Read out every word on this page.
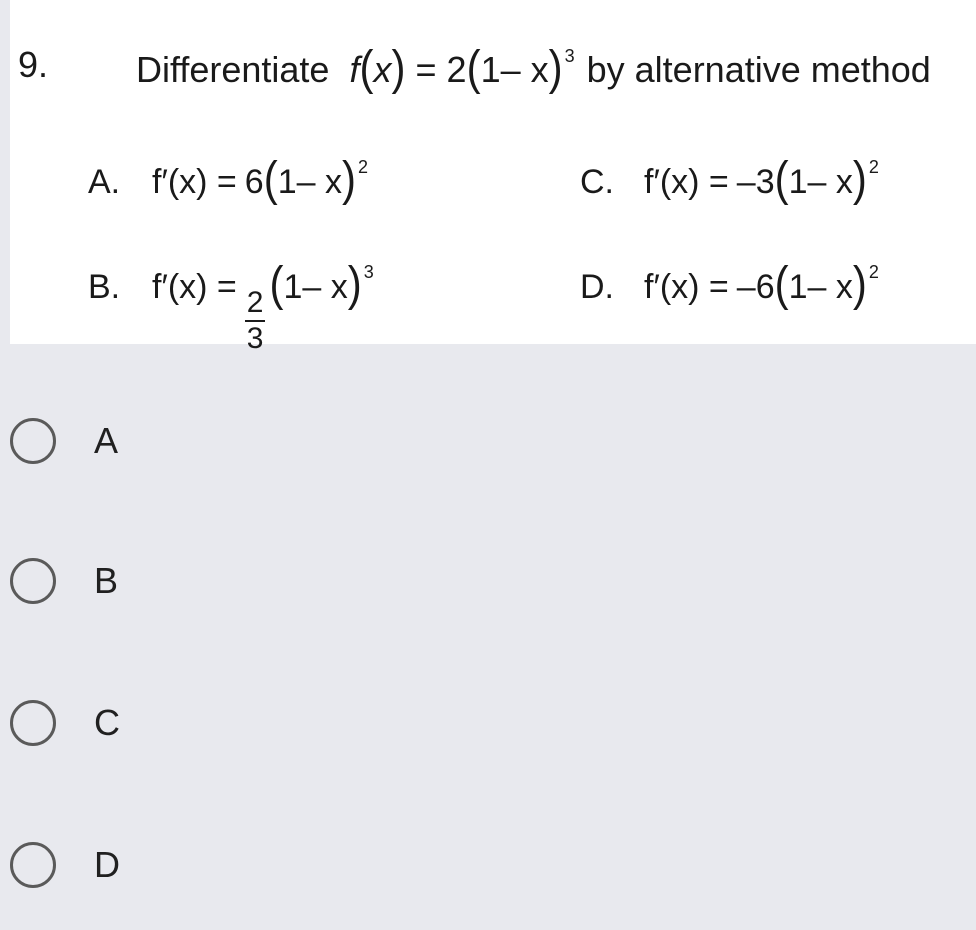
9. Differentiate f(x) = 2(1– x) $^3$ by alternative method
A. f′(x) = 6 ( 1– x ) 2
B. f′(x) =
$\frac{2}{3}$
( 1– x ) 3
C. f′(x) = –3 ( 1– x ) 2
D. f′(x) = –6 ( 1– x ) 2
A
B
C
D
